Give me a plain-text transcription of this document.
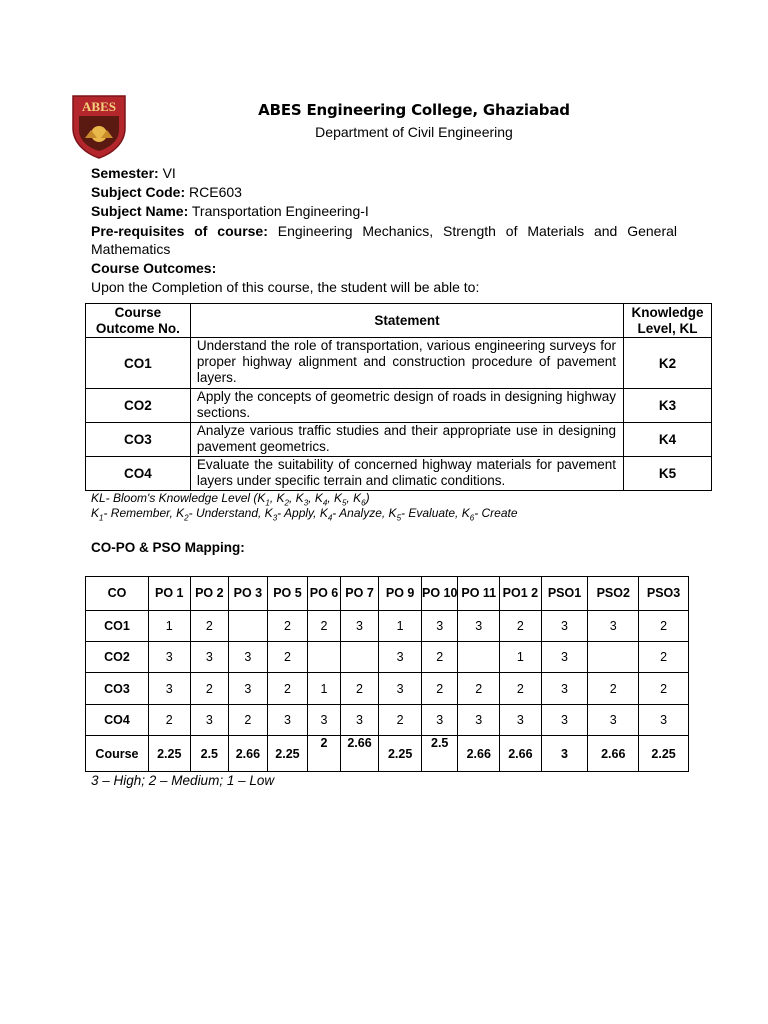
ABES	ABES Engineering College, Ghaziabad
Department of Civil Engineering
Semester: VI
Subject Code: RCE603
Subject Name: Transportation Engineering-I
Pre-requisites of course: Engineering Mechanics, Strength of Materials and General Mathematics
Course Outcomes:
Upon the Completion of this course, the student will be able to:
Course Outcome No.	Statement	Knowledge Level, KL
CO1	Understand the role of transportation, various engineering surveys for proper highway alignment and construction procedure of pavement layers.	K2
CO2	Apply the concepts of geometric design of roads in designing highway sections.	K3
CO3	Analyze various traffic studies and their appropriate use in designing pavement geometrics.	K4
CO4	Evaluate the suitability of concerned highway materials for pavement layers under specific terrain and climatic conditions.	K5
KL- Bloom's Knowledge Level ($K_1$, $K_2$, $K_3$, $K_4$, $K_5$, $K_6$)
$K_1-$ Remember, $K_2-$ Understand, $K_3-$ Apply, $K_4-$ Analyze, $K_5-$ Evaluate, $K_6-$ Create
CO-PO & PSO Mapping:
CO	PO 1	PO 2	PO 3	PO 5	PO 6	PO 7	PO 9	PO 10	PO 11	PO1 2	PSO1	PSO2	PSO3
CO1	1	2		2	2	3	1	3	3	2	3	3	2
CO2	3	3	3	2			3	2		1	3		2
CO3	3	2	3	2	1	2	3	2	2	2	3	2	2
CO4	2	3	2	3	3	3	2	3	3	3	3	3	3
Course	2.25	2.5	2.66	2.25	2	2.66	2.25	2.5	2.66	2.66	3	2.66	2.25
3 – High; 2 – Medium; 1 – Low
